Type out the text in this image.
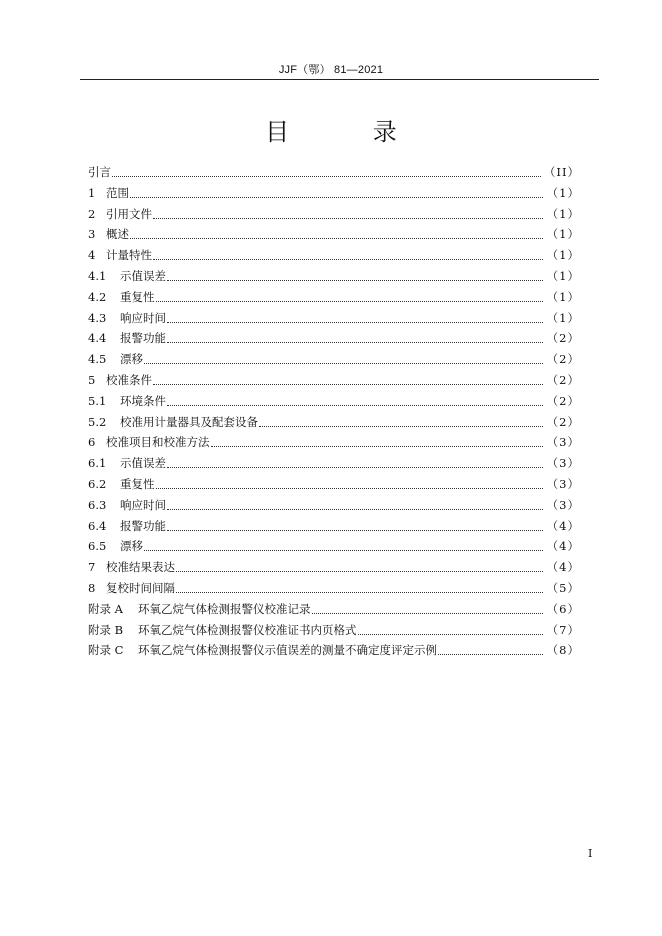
JJF（鄂） 81—2021
目 录
引言	（II）
1 范围	（1）
2 引用文件	（1）
3 概述	（1）
4 计量特性	（1）
4.1	示值误差	（1）
4.2	重复性	（1）
4.3	响应时间	（1）
4.4	报警功能	（2）
4.5	漂移	（2）
5 校准条件	（2）
5.1	环境条件	（2）
5.2	校准用计量器具及配套设备	（2）
6 校准项目和校准方法	（3）
6.1	示值误差	（3）
6.2	重复性	（3）
6.3	响应时间	（3）
6.4	报警功能	（4）
6.5	漂移	（4）
7 校准结果表达	（4）
8 复校时间间隔	（5）
附录 A	环氧乙烷气体检测报警仪校准记录	（6）
附录 B	环氧乙烷气体检测报警仪校准证书内页格式	（7）
附录 C	环氧乙烷气体检测报警仪示值误差的测量不确定度评定示例	（8）
I
